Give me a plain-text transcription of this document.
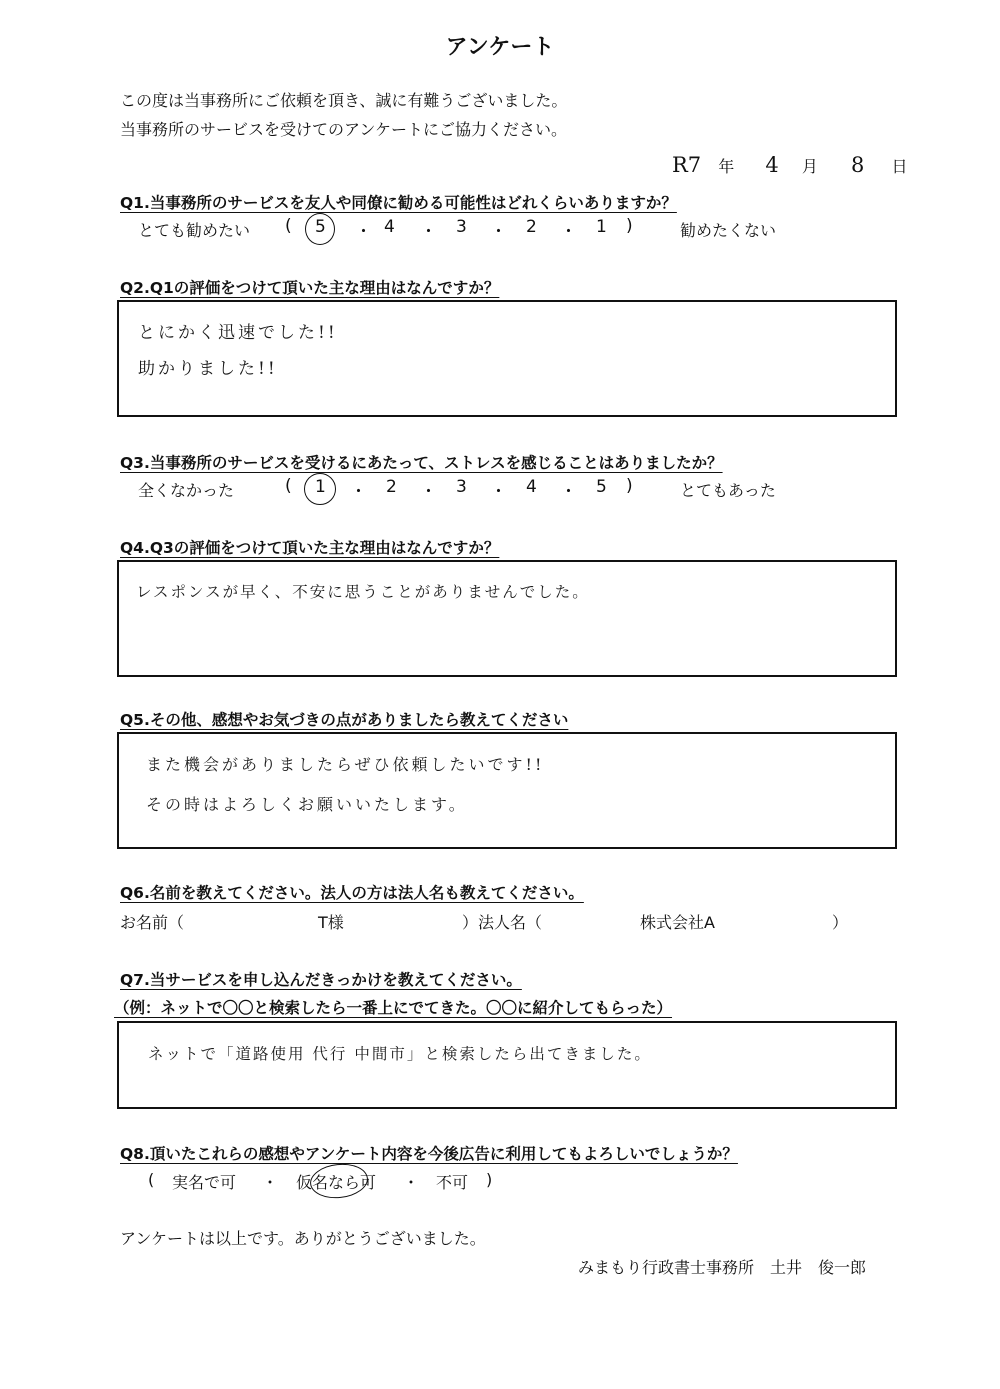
アンケート
この度は当事務所にご依頼を頂き、誠に有難うございました。
当事務所のサービスを受けてのアンケートにご協力ください。
R7 年 4 月 8 日
Q1.当事務所のサービスを友人や同僚に勧める可能性はどれくらいありますか？
とても勧めたい ( 5 ・ 4 ・ 3 ・ 2 ・ 1 )	勧めたくない
Q2.Q1の評価をつけて頂いた主な理由はなんですか？
とにかく迅速でした!!
助かりました!!
Q3.当事務所のサービスを受けるにあたって、ストレスを感じることはありましたか？
全くなかった	( 1 ・ 2 ・ 3 ・ 4 ・ 5 )	とてもあった
Q4.Q3の評価をつけて頂いた主な理由はなんですか？
レスポンスが早く、不安に思うことがありませんでした。
Q5.その他、感想やお気づきの点がありましたら教えてください
また機会がありましたらぜひ依頼したいです!!
その時はよろしくお願いいたします。
Q6.名前を教えてください。法人の方は法人名も教えてください。
お名前（	T様	）法人名（	株式会社A	）
Q7.当サービスを申し込んだきっかけを教えてください。
（例：ネットで〇〇と検索したら一番上にでてきた。〇〇に紹介してもらった）
ネットで「道路使用 代行 中間市」と検索したら出てきました。
Q8.頂いたこれらの感想やアンケート内容を今後広告に利用してもよろしいでしょうか？
( 実名で可 ・ 仮名なら可 ・ 不可 )
アンケートは以上です。ありがとうございました。
みまもり行政書士事務所　土井　俊一郎
